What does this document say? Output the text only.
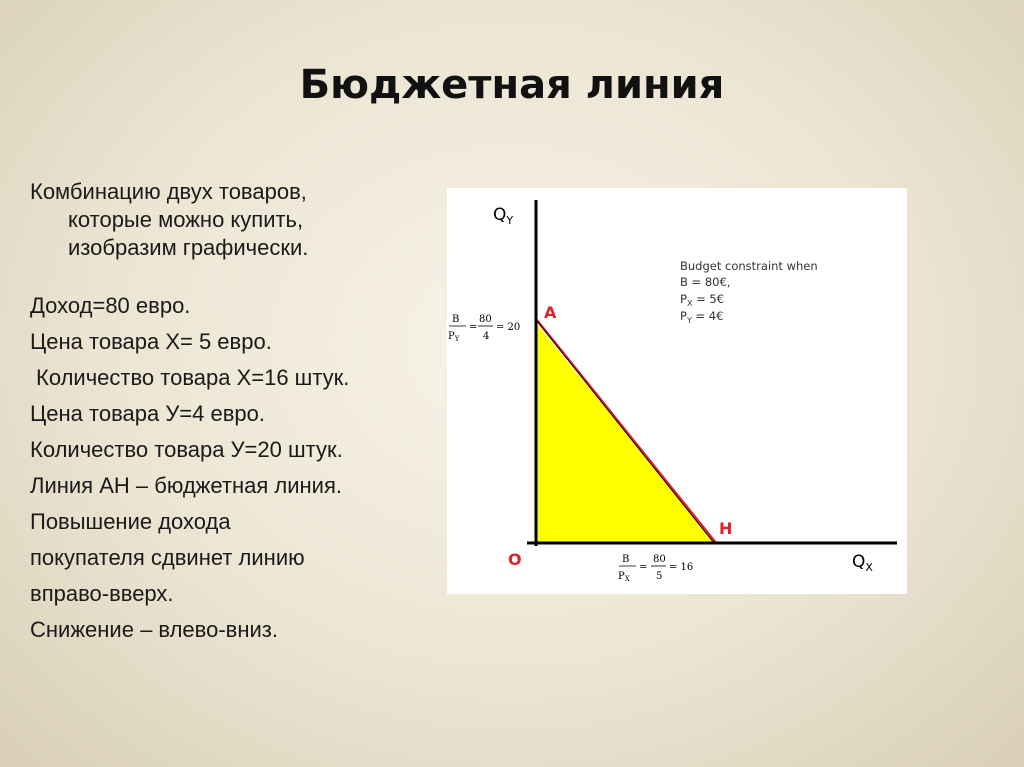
Бюджетная линия
Комбинацию двух товаров,
которые можно купить,
изобразим графически.
Доход=80 евро.
Цена товара Х= 5 евро.
Количество товара Х=16 штук.
Цена товара У=4 евро.
Количество товара У=20 штук.
Линия АН – бюджетная линия.
Повышение дохода
покупателя сдвинет линию
вправо-вверх.
Снижение – влево-вниз.
$Q_Y$
$Q_X$
O
A
H
Budget constraint when
B = 80€,
$P_X$ = 5€
$P_Y$ = 4€
B
$P_Y$
=
80
4
= 20
B
$P_X$
=
80
5
= 16
